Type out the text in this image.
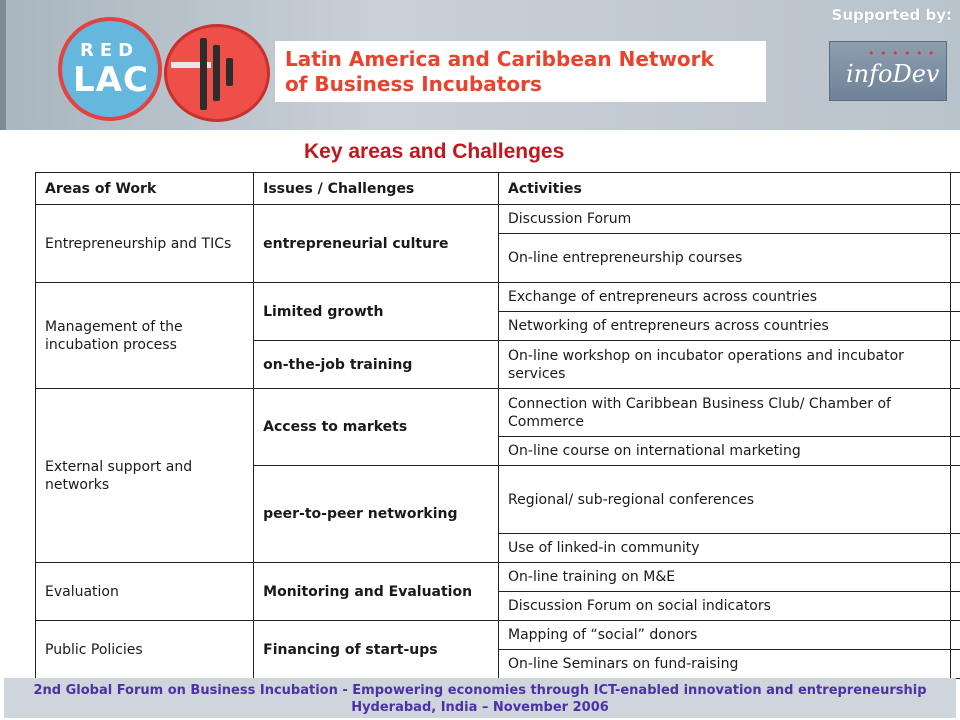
RED
LAC
Latin America and Caribbean Network
of Business Incubators
Supported by:
• • • • • •
infoDev
Key areas and Challenges
Areas of Work	Issues / Challenges	Activities	
Entrepreneurship and TICs	entrepreneurial culture	Discussion Forum	
		On-line entrepreneurship courses	
Management of the incubation process	Limited growth	Exchange of entrepreneurs across countries	
		Networking of entrepreneurs across countries	
	on-the-job training	On-line workshop on incubator operations and incubator services	
External support and networks	Access to markets	Connection with Caribbean Business Club/ Chamber of Commerce	
		On-line course on international marketing	
	peer-to-peer networking	Regional/ sub-regional conferences	
		Use of linked-in community	
Evaluation	Monitoring and Evaluation	On-line training on M&E	
		Discussion Forum on social indicators	
Public Policies	Financing of start-ups	Mapping of “social” donors	
		On-line Seminars on fund-raising	
2nd Global Forum on Business Incubation - Empowering economies through ICT-enabled innovation and entrepreneurship
Hyderabad, India – November 2006
